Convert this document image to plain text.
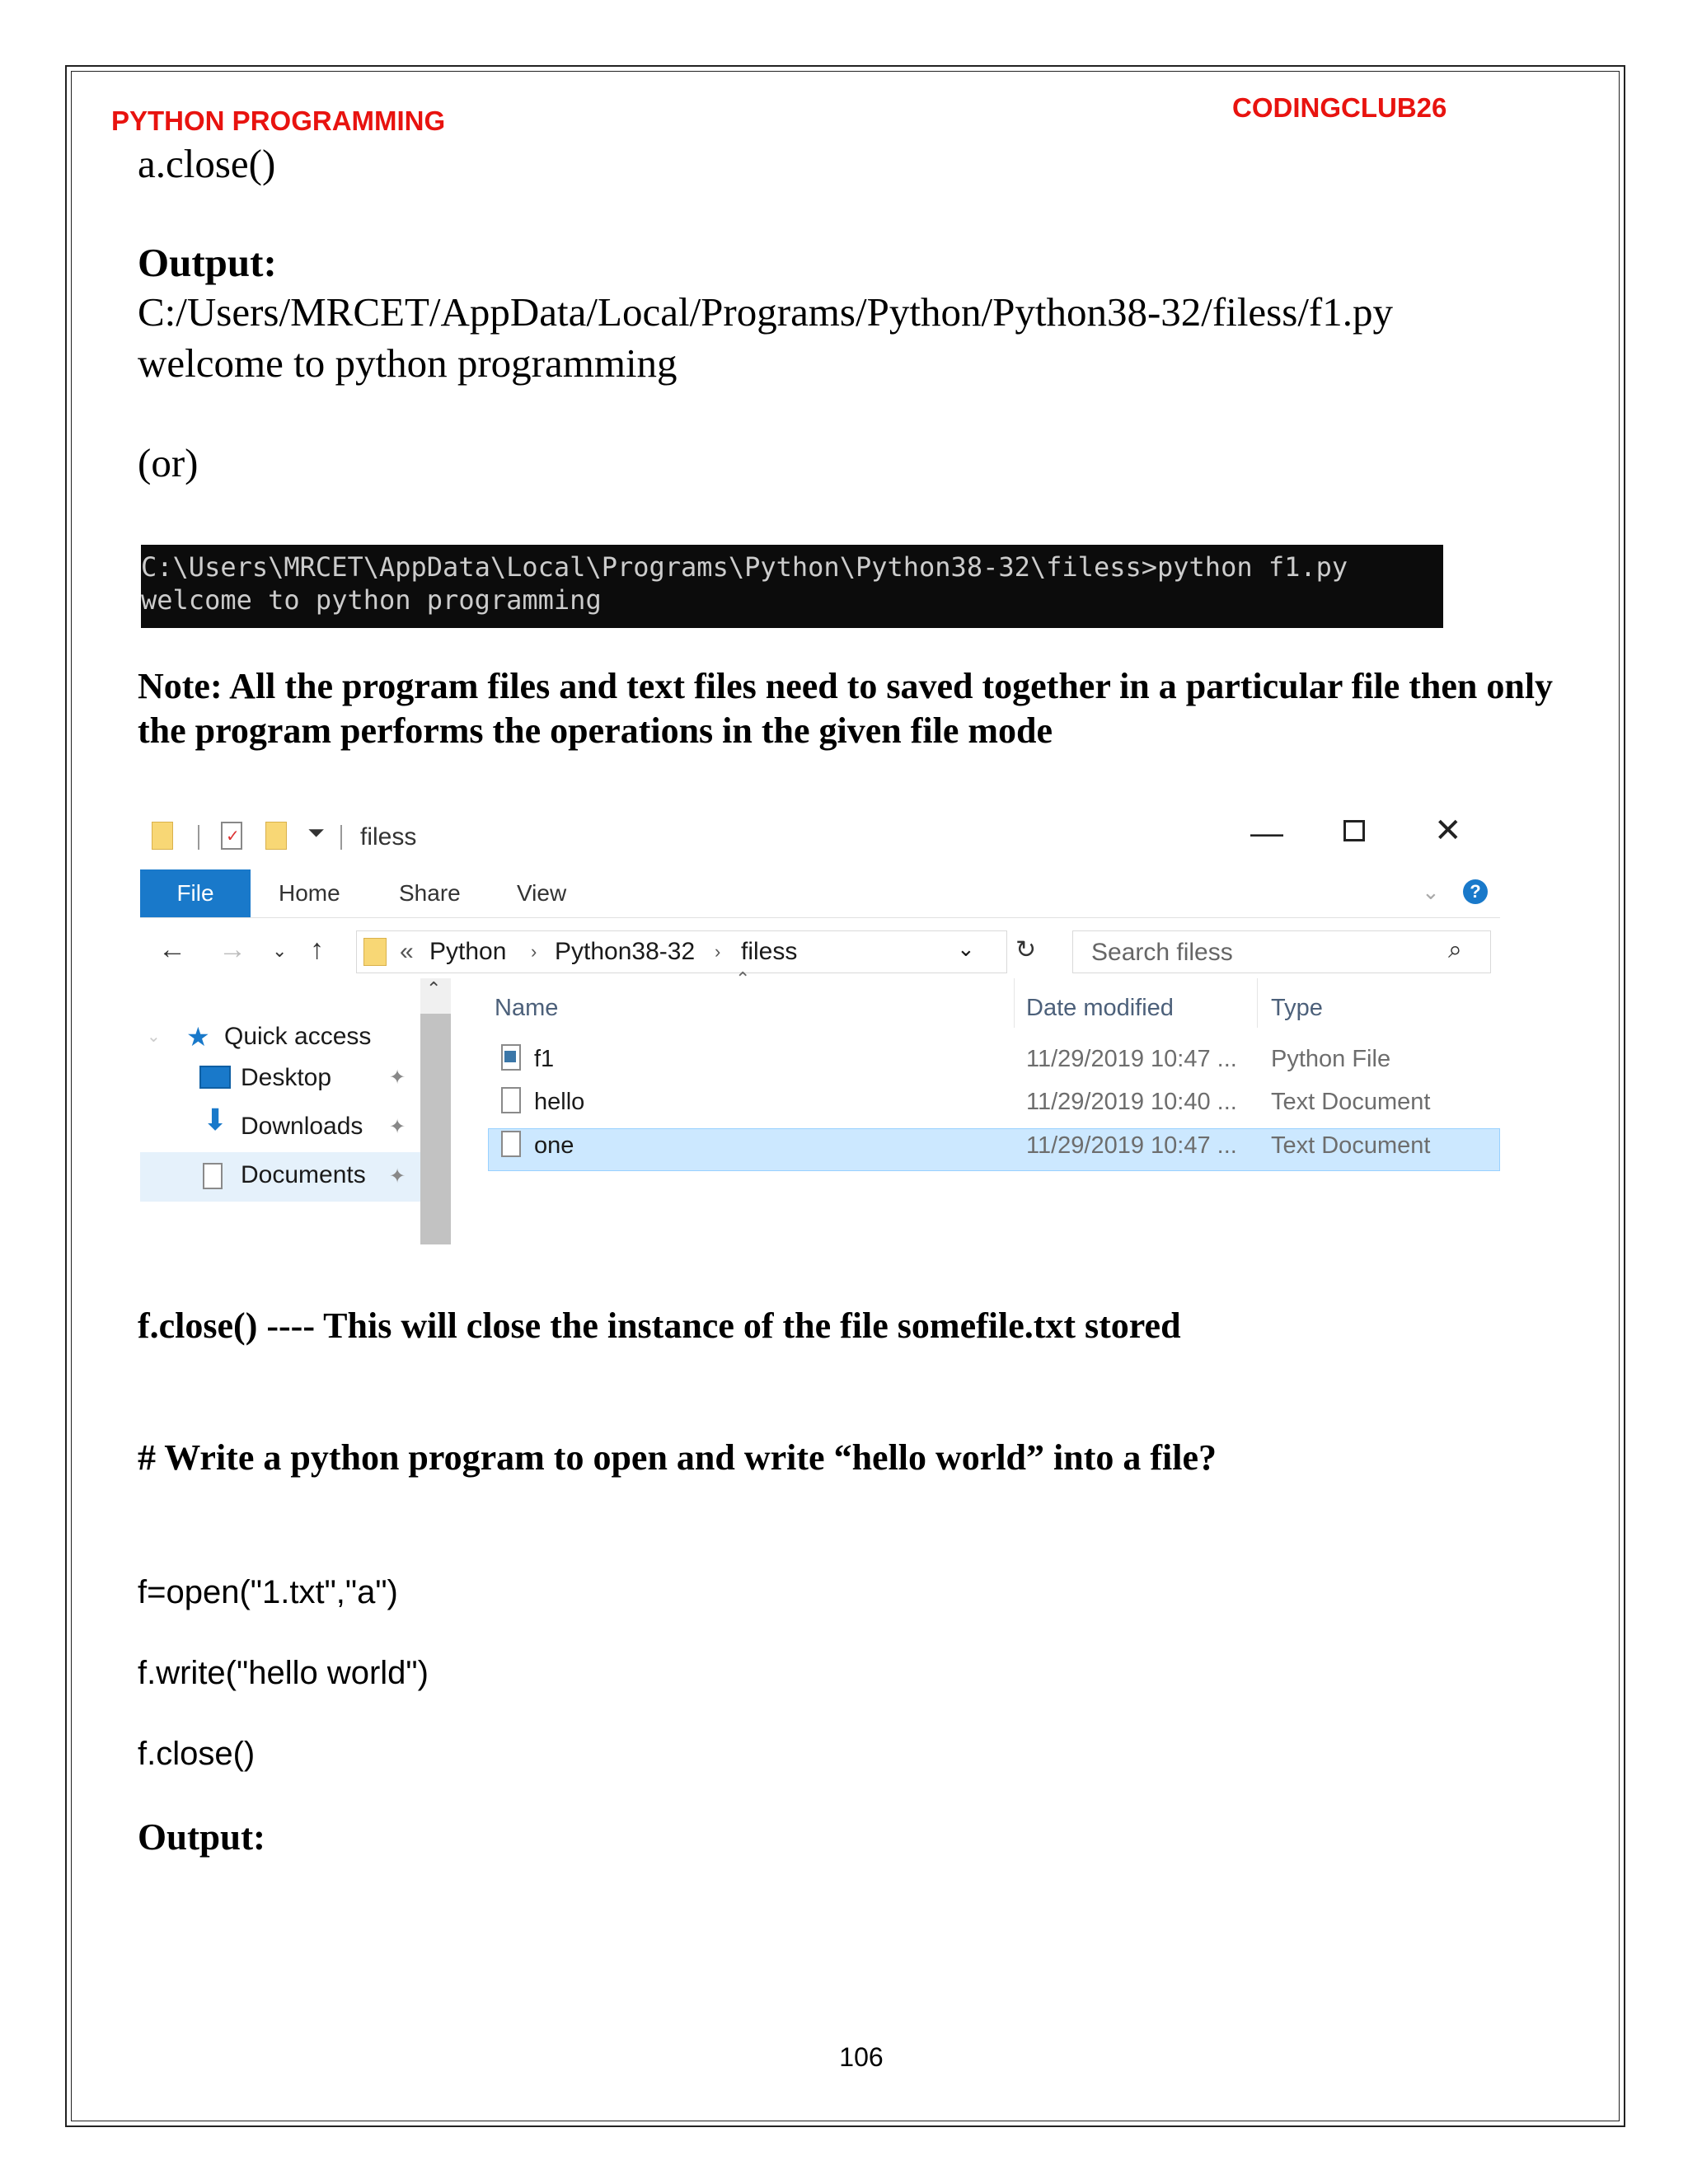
PYTHON PROGRAMMING	CODINGCLUB26
a.close()
Output:
C:/Users/MRCET/AppData/Local/Programs/Python/Python38-32/filess/f1.py
welcome to python programming
(or)
C:\Users\MRCET\AppData\Local\Programs\Python\Python38-32\filess>python f1.py
welcome to python programming
Note: All the program files and text files need to saved together in a particular file then only the program performs the operations in the given file mode
✓	⏷ filess	—	✕
File	Home	Share View	⌄	?
← → ⌄ ↑	« Python › Python38-32 › filess	⌄ ↻ Search filess	⌕
⌄ ★ Quick access
Desktop	✦
⬇ Downloads ✦
Documents ✦
⌃	⌃
Name	Date modified	Type
f1	11/29/2019 10:47 ... Python File
hello	11/29/2019 10:40 ... Text Document
one	11/29/2019 10:47 ... Text Document
f.close() ---- This will close the instance of the file somefile.txt stored
# Write a python program to open and write “hello world” into a file?
f=open("1.txt","a")
f.write("hello world")
f.close()
Output:
106
